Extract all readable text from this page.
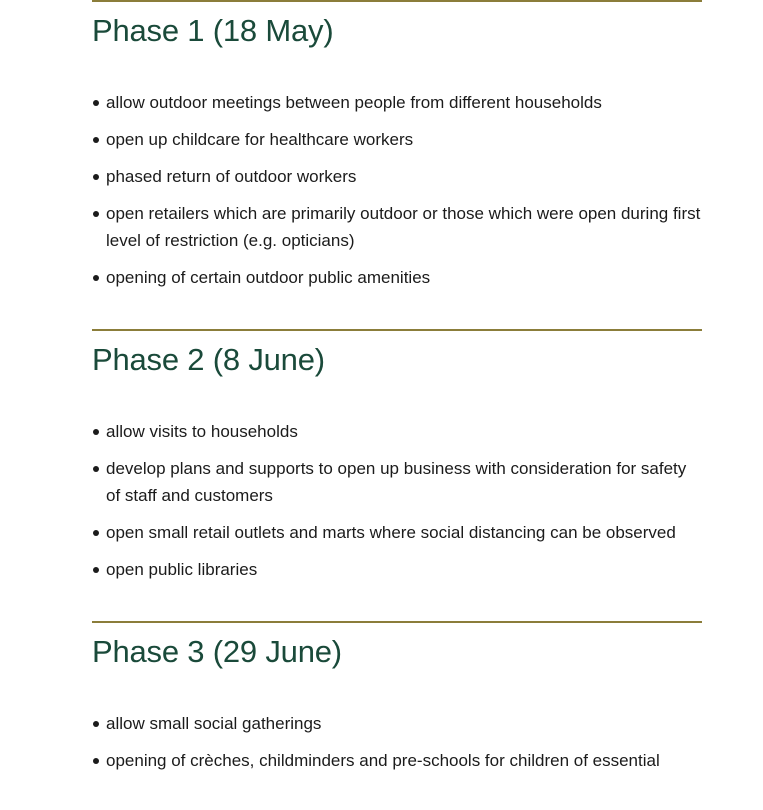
Phase 1 (18 May)
allow outdoor meetings between people from different households
open up childcare for healthcare workers
phased return of outdoor workers
open retailers which are primarily outdoor or those which were open during first level of restriction (e.g. opticians)
opening of certain outdoor public amenities
Phase 2 (8 June)
allow visits to households
develop plans and supports to open up business with consideration for safety of staff and customers
open small retail outlets and marts where social distancing can be observed
open public libraries
Phase 3 (29 June)
allow small social gatherings
opening of crèches, childminders and pre-schools for children of essential
